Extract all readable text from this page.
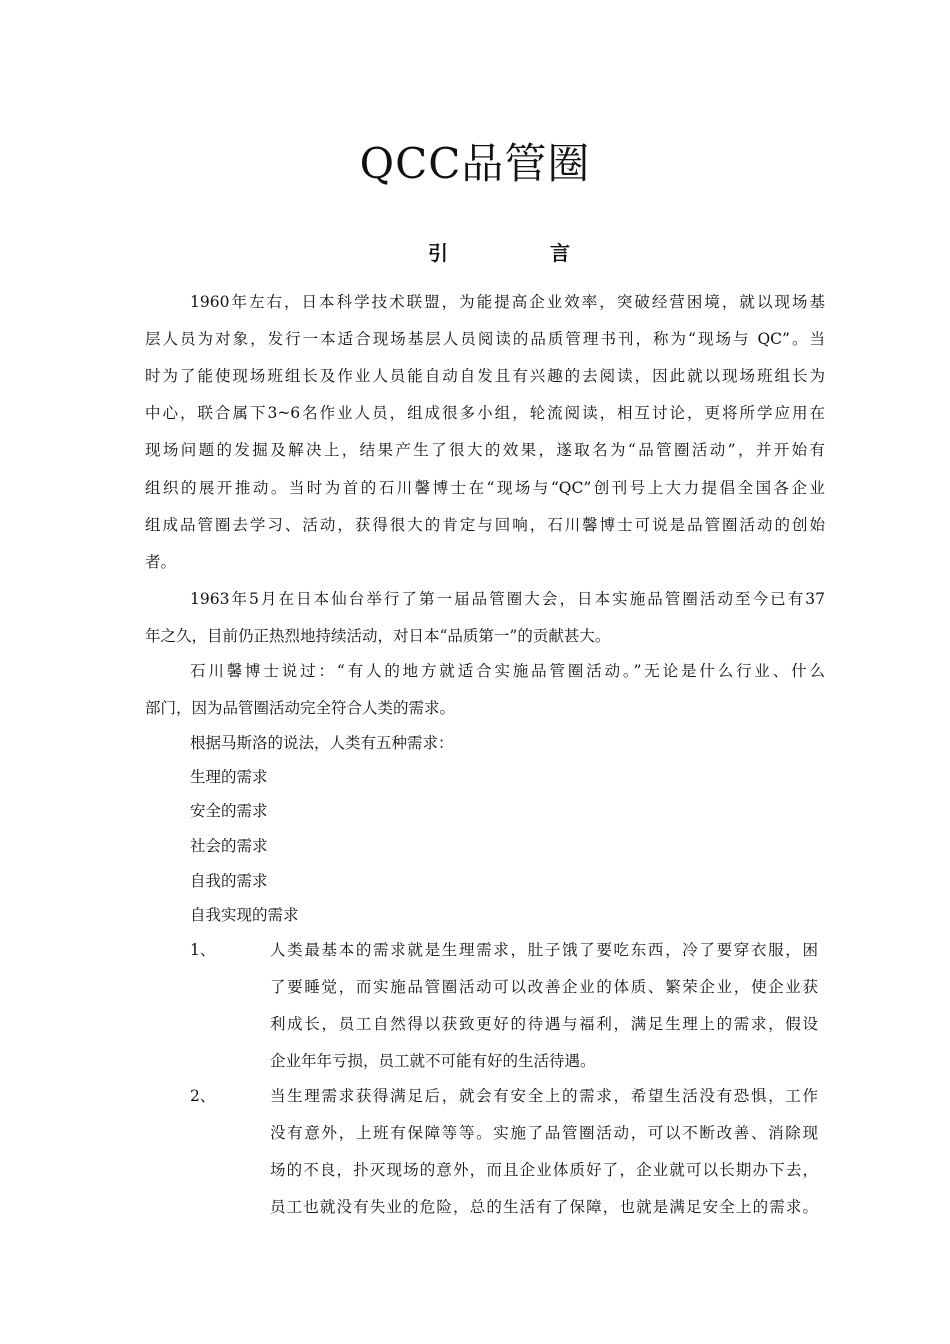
QCC品管圈
引	言
1960年左右，日本科学技术联盟，为能提高企业效率，突破经营困境，就以现场基
层人员为对象，发行一本适合现场基层人员阅读的品质管理书刊，称为“现场与 QC”。当
时为了能使现场班组长及作业人员能自动自发且有兴趣的去阅读，因此就以现场班组长为
中心，联合属下3~6名作业人员，组成很多小组，轮流阅读，相互讨论，更将所学应用在
现场问题的发掘及解决上，结果产生了很大的效果，遂取名为“品管圈活动”，并开始有
组织的展开推动。当时为首的石川馨博士在“现场与“QC”创刊号上大力提倡全国各企业
组成品管圈去学习、活动，获得很大的肯定与回响，石川馨博士可说是品管圈活动的创始
者。
1963年5月在日本仙台举行了第一届品管圈大会，日本实施品管圈活动至今已有37
年之久，目前仍正热烈地持续活动，对日本“品质第一”的贡献甚大。
石川馨博士说过：“有人的地方就适合实施品管圈活动。”无论是什么行业、什么
部门，因为品管圈活动完全符合人类的需求。
根据马斯洛的说法，人类有五种需求：
生理的需求
安全的需求
社会的需求
自我的需求
自我实现的需求
1、	人类最基本的需求就是生理需求，肚子饿了要吃东西，冷了要穿衣服，困
了要睡觉，而实施品管圈活动可以改善企业的体质、繁荣企业，使企业获
利成长，员工自然得以获致更好的待遇与福利，满足生理上的需求，假设
企业年年亏损，员工就不可能有好的生活待遇。
2、	当生理需求获得满足后，就会有安全上的需求，希望生活没有恐惧，工作
没有意外，上班有保障等等。实施了品管圈活动，可以不断改善、消除现
场的不良，扑灭现场的意外，而且企业体质好了，企业就可以长期办下去，
员工也就没有失业的危险，总的生活有了保障，也就是满足安全上的需求。
